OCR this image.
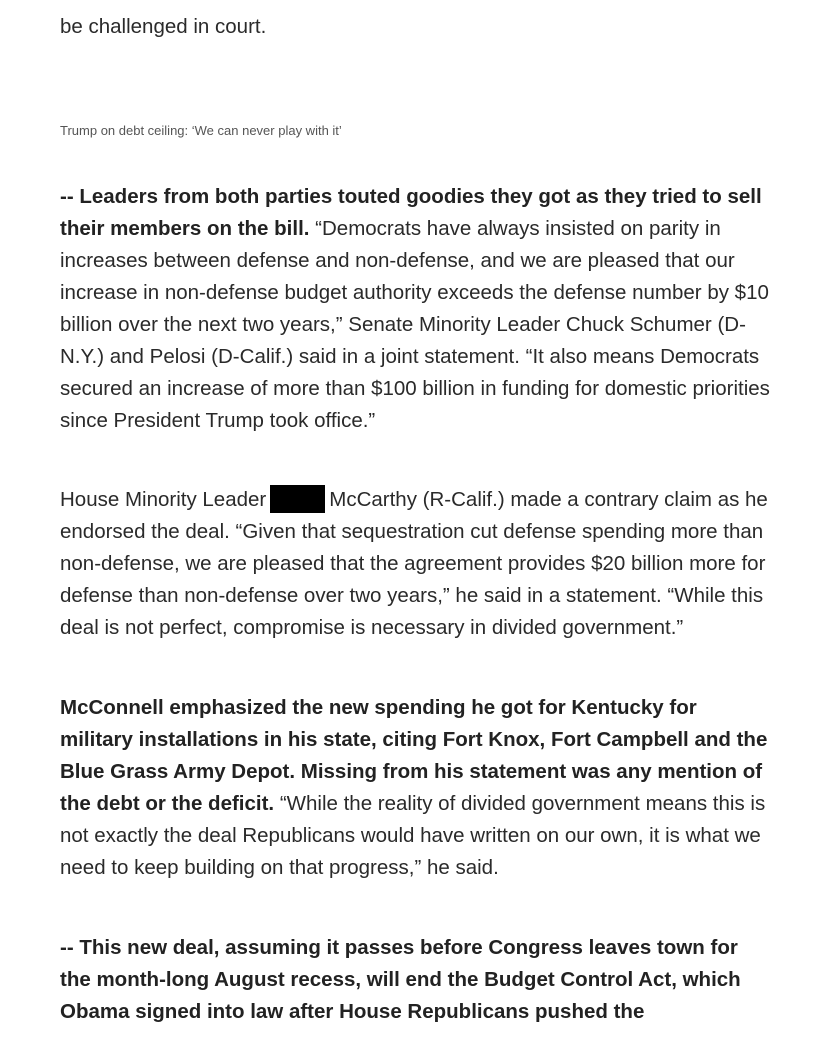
be challenged in court.

Trump on debt ceiling: ‘We can never play with it’

-- Leaders from both parties touted goodies they got as they tried to sell their members on the bill. “Democrats have always insisted on parity in increases between defense and non-defense, and we are pleased that our increase in non-defense budget authority exceeds the defense number by $10 billion over the next two years,” Senate Minority Leader Chuck Schumer (D-N.Y.) and Pelosi (D-Calif.) said in a joint statement. “It also means Democrats secured an increase of more than $100 billion in funding for domestic priorities since President Trump took office.”

House Minority Leader	McCarthy (R-Calif.) made a contrary claim as he endorsed the deal. “Given that sequestration cut defense spending more than non-defense, we are pleased that the agreement provides $20 billion more for defense than non-defense over two years,” he said in a statement. “While this deal is not perfect, compromise is necessary in divided government.”

McConnell emphasized the new spending he got for Kentucky for military installations in his state, citing Fort Knox, Fort Campbell and the Blue Grass Army Depot. Missing from his statement was any mention of the debt or the deficit. “While the reality of divided government means this is not exactly the deal Republicans would have written on our own, it is what we need to keep building on that progress,” he said.

-- This new deal, assuming it passes before Congress leaves town for the month-long August recess, will end the Budget Control Act, which Obama signed into law after House Republicans pushed the
